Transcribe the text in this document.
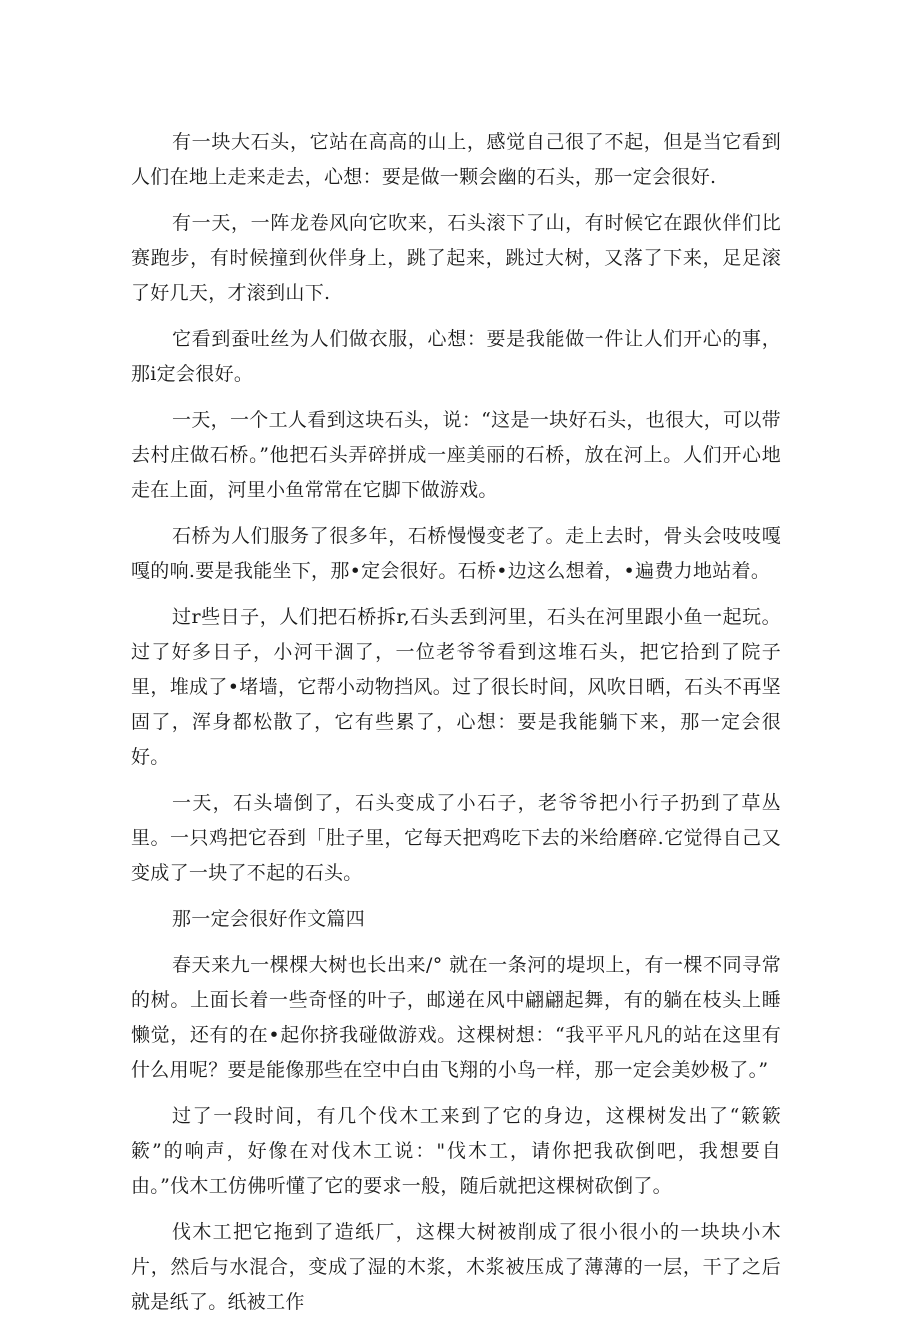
有一块大石头，它站在高高的山上，感觉自己很了不起，但是当它看到人们在地上走来走去，心想：要是做一颗会幽的石头，那一定会很好.

有一天，一阵龙卷风向它吹来，石头滚下了山，有时候它在跟伙伴们比赛跑步，有时候撞到伙伴身上，跳了起来，跳过大树，又落了下来，足足滚了好几天，才滚到山下.

它看到蚕吐丝为人们做衣服，心想：要是我能做一件让人们开心的事，那i定会很好。

一天，一个工人看到这块石头，说：“这是一块好石头，也很大，可以带去村庄做石桥。”他把石头弄碎拼成一座美丽的石桥，放在河上。人们开心地走在上面，河里小鱼常常在它脚下做游戏。

石桥为人们服务了很多年，石桥慢慢变老了。走上去时，骨头会吱吱嘎嘎的响.要是我能坐下，那•定会很好。石桥•边这么想着，•遍费力地站着。

过r些日子，人们把石桥拆r,石头丢到河里，石头在河里跟小鱼一起玩。过了好多日子，小河干涸了，一位老爷爷看到这堆石头，把它拾到了院子里，堆成了•堵墙，它帮小动物挡风。过了很长时间，风吹日晒，石头不再坚固了，浑身都松散了，它有些累了，心想：要是我能躺下来，那一定会很好。

一天，石头墙倒了，石头变成了小石子，老爷爷把小行子扔到了草丛里。一只鸡把它吞到「肚子里，它每天把鸡吃下去的米给磨碎.它觉得自己又变成了一块了不起的石头。

那一定会很好作文篇四

春天来九一棵棵大树也长出来/° 就在一条河的堤坝上，有一棵不同寻常的树。上面长着一些奇怪的叶子，邮递在风中翩翩起舞，有的躺在枝头上睡懒觉，还有的在•起你挤我碰做游戏。这棵树想：“我平平凡凡的站在这里有什么用呢？要是能像那些在空中白由飞翔的小鸟一样，那一定会美妙极了。”

过了一段时间，有几个伐木工来到了它的身边，这棵树发出了“簌簌簌”的响声，好像在对伐木工说："伐木工，请你把我砍倒吧，我想要自由。”伐木工仿佛听懂了它的要求一般，随后就把这棵树砍倒了。

伐木工把它拖到了造纸厂，这棵大树被削成了很小很小的一块块小木片，然后与水混合，变成了湿的木浆，木浆被压成了薄薄的一层，干了之后就是纸了。纸被工作
